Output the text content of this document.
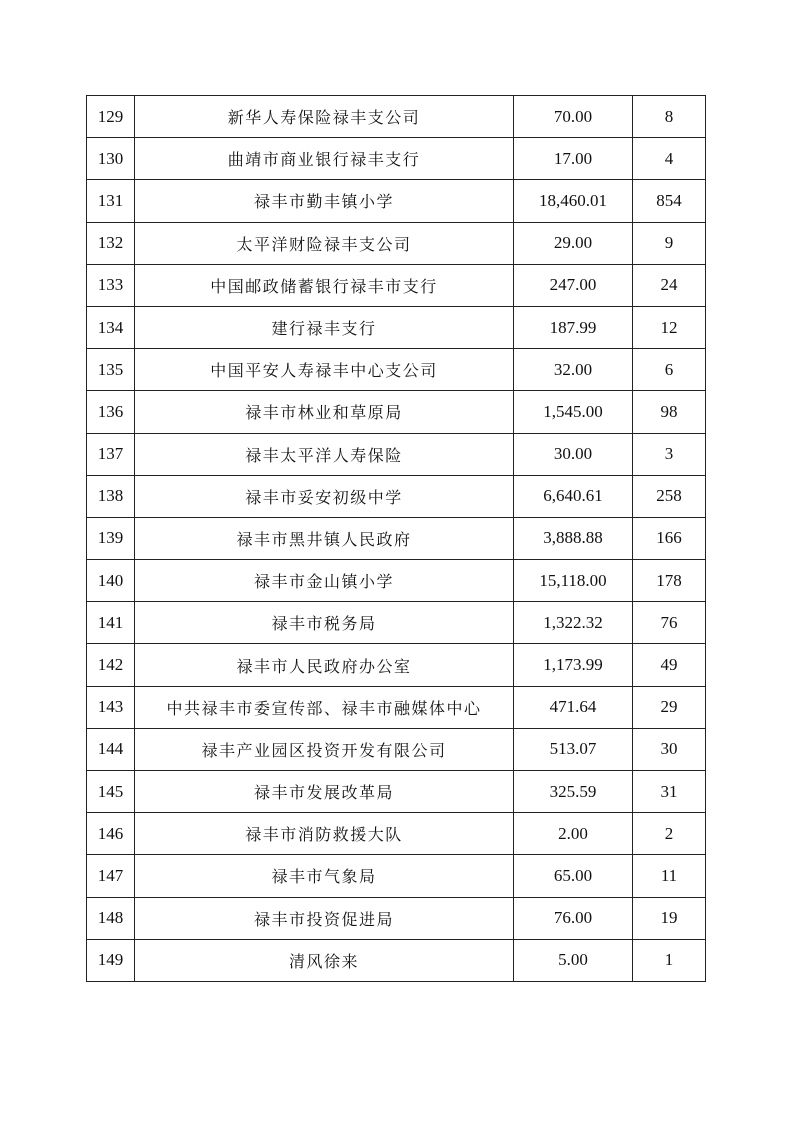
129	新华人寿保险禄丰支公司	70.00	8
130	曲靖市商业银行禄丰支行	17.00	4
131	禄丰市勤丰镇小学	18,460.01	854
132	太平洋财险禄丰支公司	29.00	9
133	中国邮政储蓄银行禄丰市支行	247.00	24
134	建行禄丰支行	187.99	12
135	中国平安人寿禄丰中心支公司	32.00	6
136	禄丰市林业和草原局	1,545.00	98
137	禄丰太平洋人寿保险	30.00	3
138	禄丰市妥安初级中学	6,640.61	258
139	禄丰市黑井镇人民政府	3,888.88	166
140	禄丰市金山镇小学	15,118.00	178
141	禄丰市税务局	1,322.32	76
142	禄丰市人民政府办公室	1,173.99	49
143	中共禄丰市委宣传部、禄丰市融媒体中心	471.64	29
144	禄丰产业园区投资开发有限公司	513.07	30
145	禄丰市发展改革局	325.59	31
146	禄丰市消防救援大队	2.00	2
147	禄丰市气象局	65.00	11
148	禄丰市投资促进局	76.00	19
149	清风徐来	5.00	1
